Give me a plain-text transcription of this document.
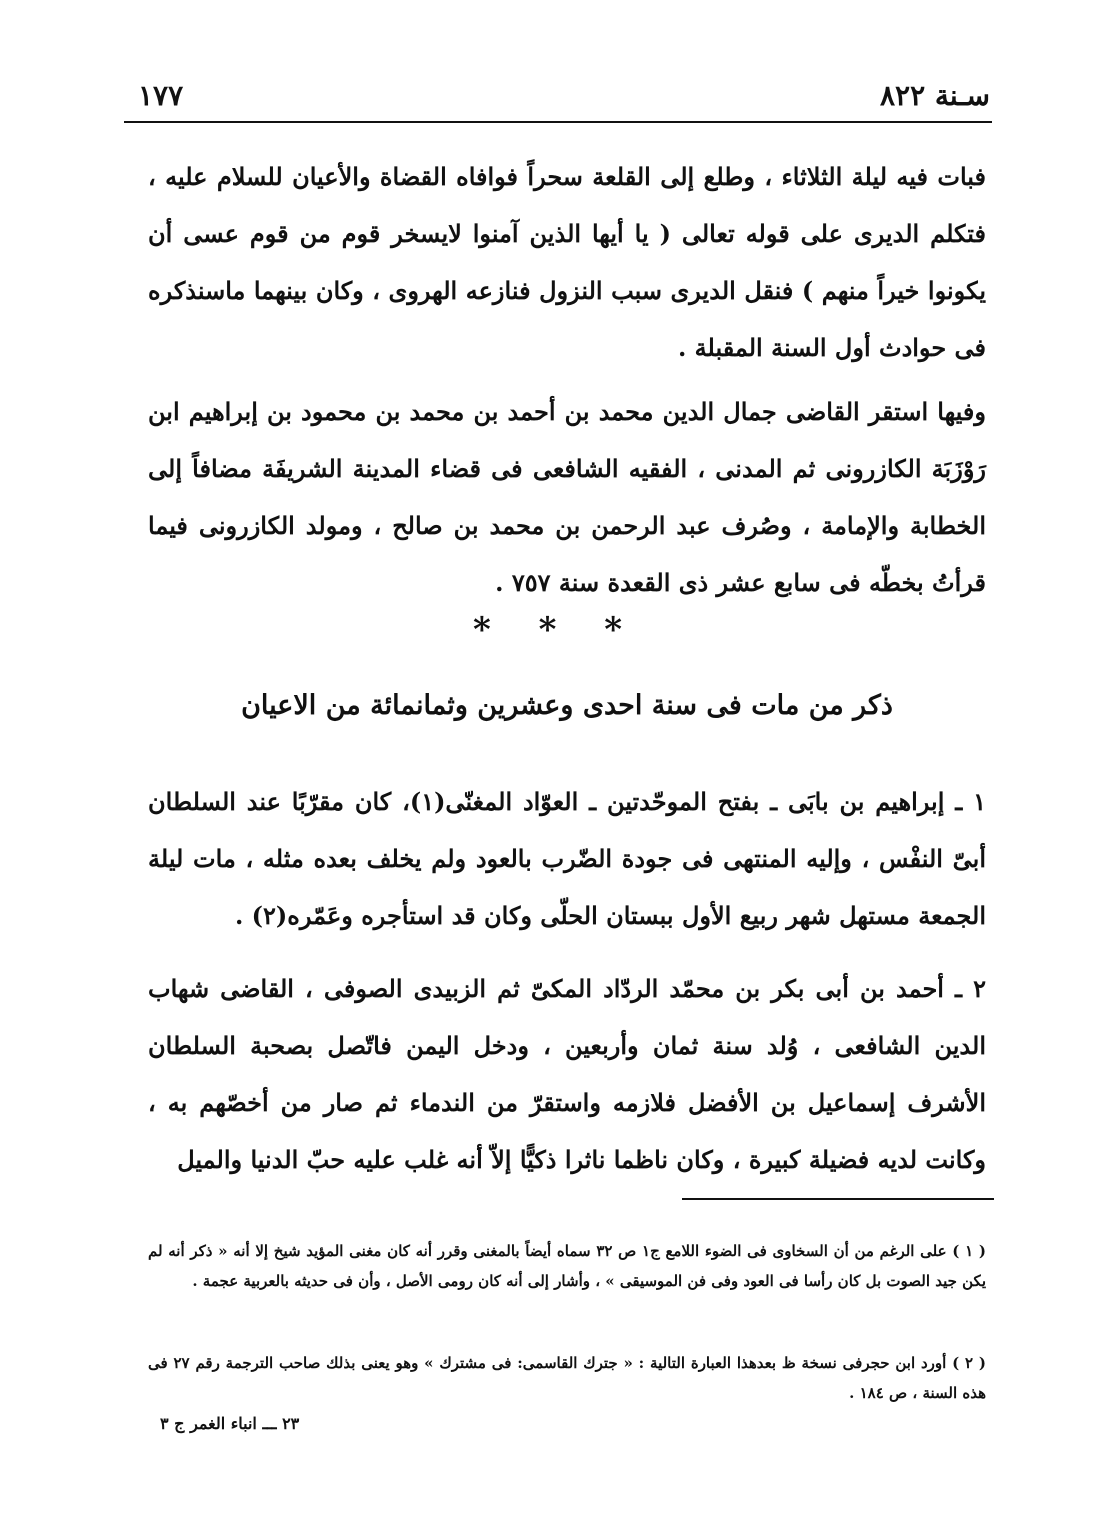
سـنة ٨٢٢
١٧٧
فبات فيه ليلة الثلاثاء ، وطلع إلى القلعة سحراً فوافاه القضاة والأعيان للسلام عليه ، فتكلم الديرى على قوله تعالى ( يا أيها الذين آمنوا لايسخر قوم من قوم عسى أن يكونوا خيراً منهم ) فنقل الديرى سبب النزول فنازعه الهروى ، وكان بينهما ماسنذكره فى حوادث أول السنة المقبلة .
وفيها استقر القاضى جمال الدين محمد بن أحمد بن محمد بن محمود بن إبراهيم ابن رَوْزَبَة الكازرونى ثم المدنى ، الفقيه الشافعى فى قضاء المدينة الشريفَة مضافاً إلى الخطابة والإمامة ، وصُرف عبد الرحمن بن محمد بن صالح ، ومولد الكازرونى فيما قرأتُ بخطّه فى سابع عشر ذى القعدة سنة ٧٥٧ .
* * *
ذكر من مات فى سنة احدى وعشرين وثمانمائة من الاعيان
١ ـ إبراهيم بن بابَى ـ بفتح الموحّدتين ـ العوّاد المغنّى(١)، كان مقرّبًا عند السلطان أبىّ النفْس ، وإليه المنتهى فى جودة الضّرب بالعود ولم يخلف بعده مثله ، مات ليلة الجمعة مستهل شهر ربيع الأول ببستان الحلّى وكان قد استأجره وعَمّره(٢) .
٢ ـ أحمد بن أبى بكر بن محمّد الردّاد المكىّ ثم الزبيدى الصوفى ، القاضى شهاب الدين الشافعى ، وُلد سنة ثمان وأربعين ، ودخل اليمن فاتّصل بصحبة السلطان الأشرف إسماعيل بن الأفضل فلازمه واستقرّ من الندماء ثم صار من أخصّهم به ، وكانت لديه فضيلة كبيرة ، وكان ناظما ناثرا ذكيًّا إلاّ أنه غلب عليه حبّ الدنيا والميل
( ١ ) على الرغم من أن السخاوى فى الضوء اللامع ج١ ص ٣٢ سماه أيضاً بالمغنى وقرر أنه كان مغنى المؤيد شيخ إلا أنه « ذكر أنه لم يكن جيد الصوت بل كان رأسا فى العود وفى فن الموسيقى » ، وأشار إلى أنه كان رومى الأصل ، وأن فى حديثه بالعربية عجمة .
( ٢ ) أورد ابن حجرفى نسخة ظ بعدهذا العبارة التالية : « جترك القاسمى: فى مشترك » وهو يعنى بذلك صاحب الترجمة رقم ٢٧ فى هذه السنة ، ص ١٨٤ .
٢٣ ـــ انباء الغمر ج ٣
